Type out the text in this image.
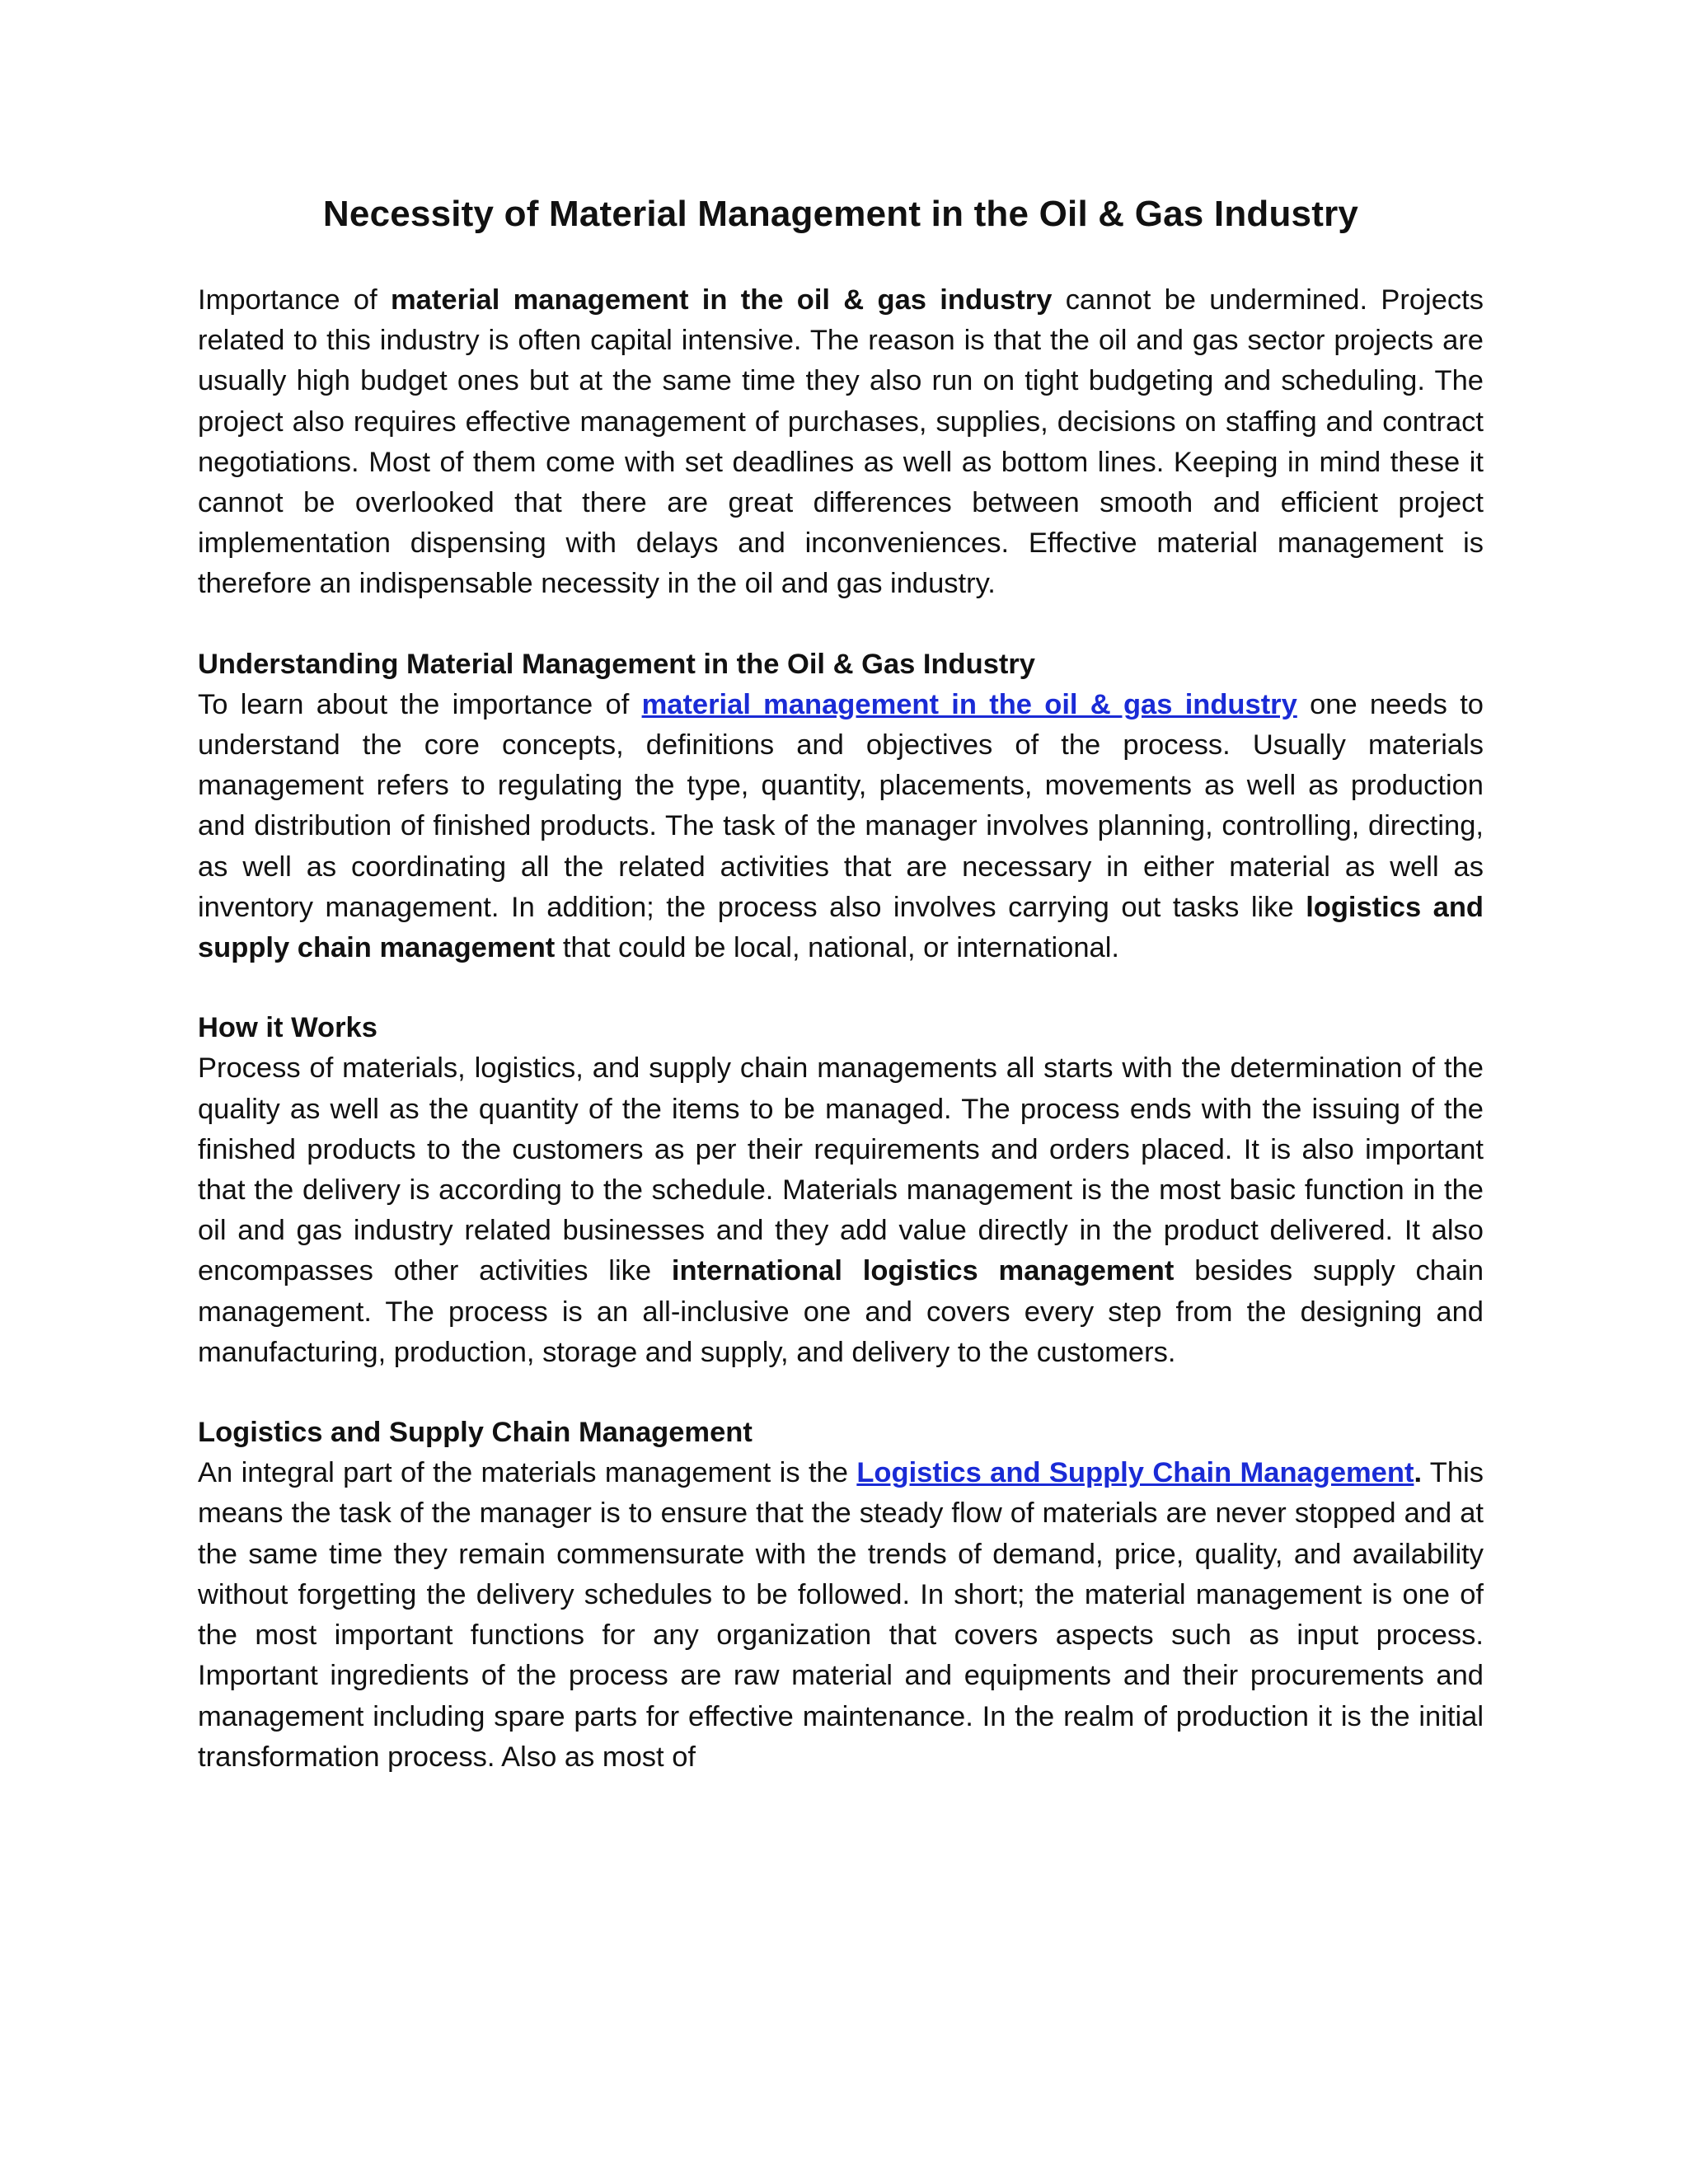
Necessity of Material Management in the Oil & Gas Industry

Importance of material management in the oil & gas industry cannot be undermined. Projects related to this industry is often capital intensive. The reason is that the oil and gas sector projects are usually high budget ones but at the same time they also run on tight budgeting and scheduling. The project also requires effective management of purchases, supplies, decisions on staffing and contract negotiations. Most of them come with set deadlines as well as bottom lines. Keeping in mind these it cannot be overlooked that there are great differences between smooth and efficient project implementation dispensing with delays and inconveniences. Effective material management is therefore an indispensable necessity in the oil and gas industry.

Understanding Material Management in the Oil & Gas Industry

To learn about the importance of material management in the oil & gas industry one needs to understand the core concepts, definitions and objectives of the process. Usually materials management refers to regulating the type, quantity, placements, movements as well as production and distribution of finished products. The task of the manager involves planning, controlling, directing, as well as coordinating all the related activities that are necessary in either material as well as inventory management. In addition; the process also involves carrying out tasks like logistics and supply chain management that could be local, national, or international.

How it Works

Process of materials, logistics, and supply chain managements all starts with the determination of the quality as well as the quantity of the items to be managed. The process ends with the issuing of the finished products to the customers as per their requirements and orders placed. It is also important that the delivery is according to the schedule. Materials management is the most basic function in the oil and gas industry related businesses and they add value directly in the product delivered. It also encompasses other activities like international logistics management besides supply chain management. The process is an all-inclusive one and covers every step from the designing and manufacturing, production, storage and supply, and delivery to the customers.

Logistics and Supply Chain Management

An integral part of the materials management is the Logistics and Supply Chain Management. This means the task of the manager is to ensure that the steady flow of materials are never stopped and at the same time they remain commensurate with the trends of demand, price, quality, and availability without forgetting the delivery schedules to be followed. In short; the material management is one of the most important functions for any organization that covers aspects such as input process. Important ingredients of the process are raw material and equipments and their procurements and management including spare parts for effective maintenance. In the realm of production it is the initial transformation process. Also as most of
